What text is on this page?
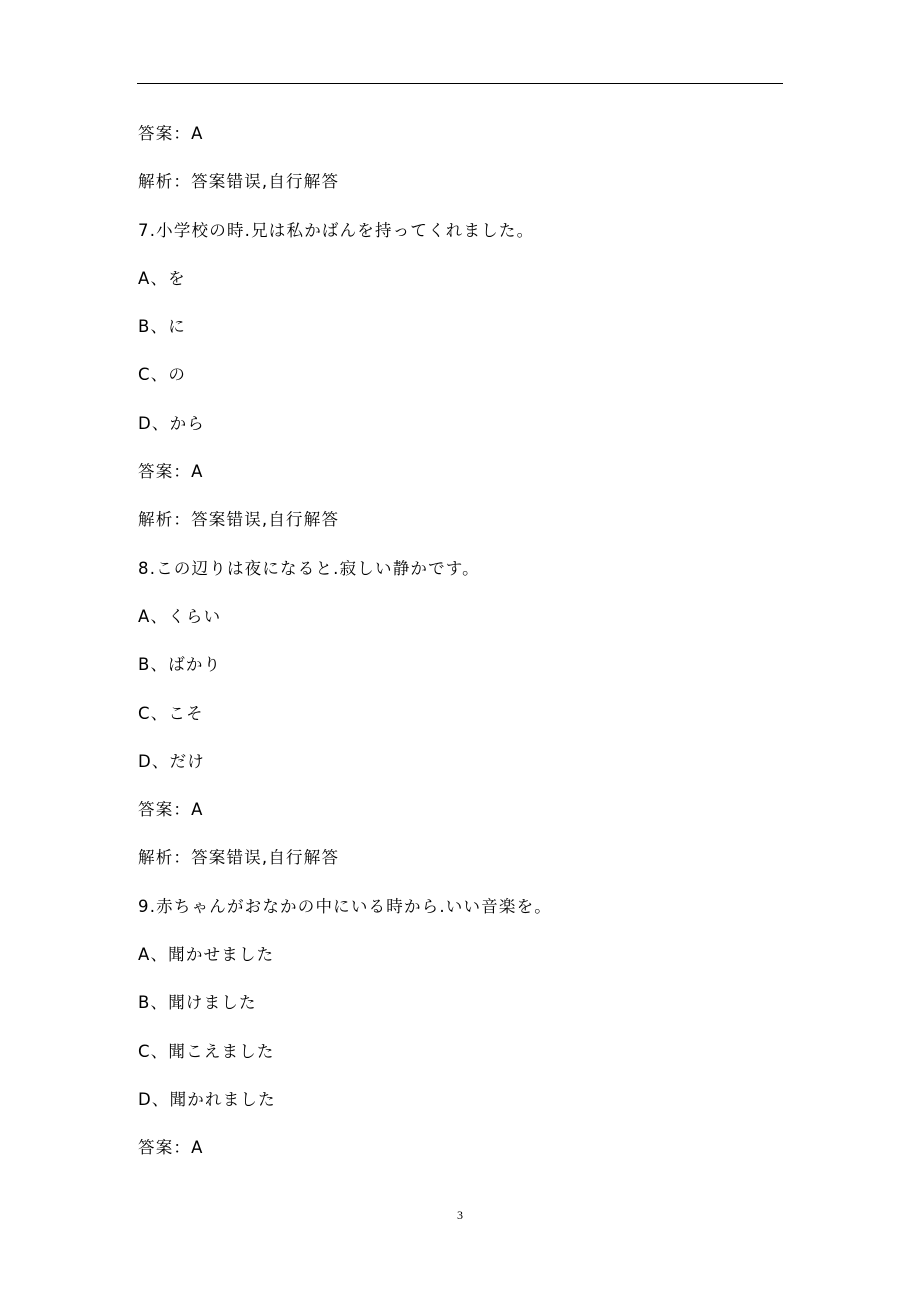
答案：A
解析：答案错误,自行解答
7.小学校の時.兄は私かばんを持ってくれました。
A、を
B、に
C、の
D、から
答案：A
解析：答案错误,自行解答
8.この辺りは夜になると.寂しい静かです。
A、くらい
B、ばかり
C、こそ
D、だけ
答案：A
解析：答案错误,自行解答
9.赤ちゃんがおなかの中にいる時から.いい音楽を。
A、聞かせました
B、聞けました
C、聞こえました
D、聞かれました
答案：A
3
